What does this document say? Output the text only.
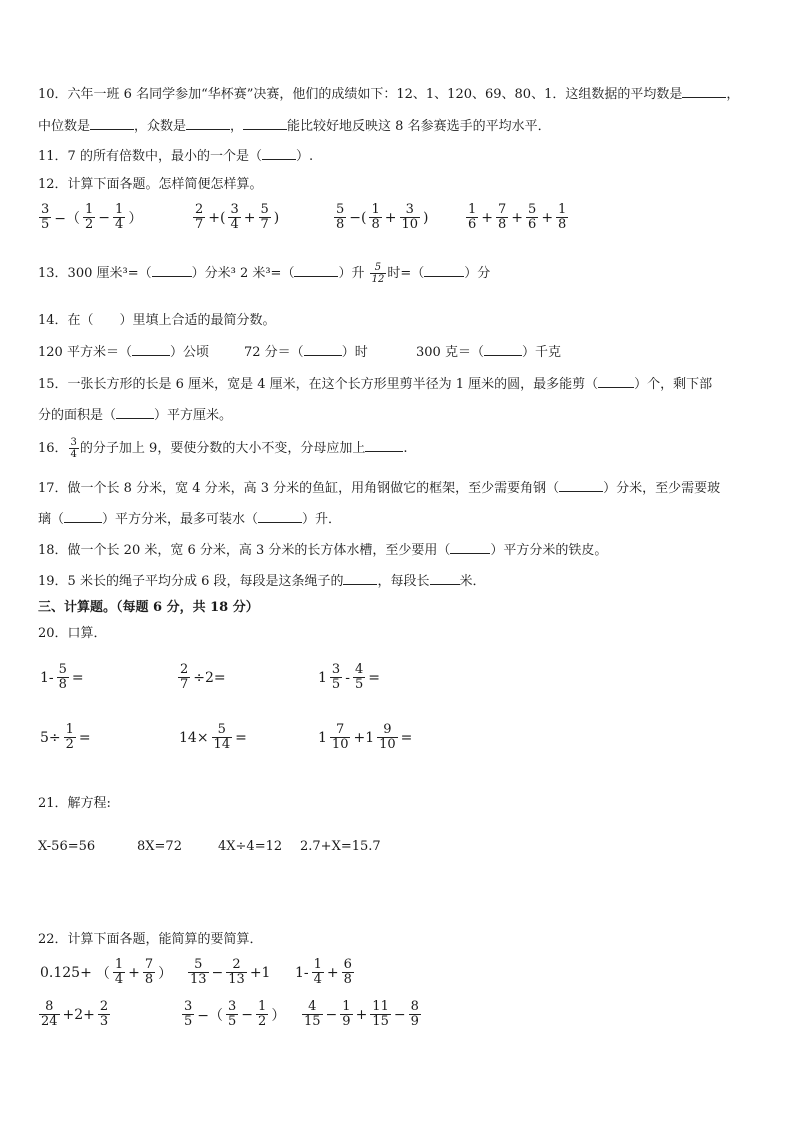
10．六年一班 6 名同学参加“华杯赛”决赛，他们的成绩如下：12、1、120、69、80、1．这组数据的平均数是	，
中位数是	，众数是	，	能比较好地反映这 8 名参赛选手的平均水平．
11．7 的所有倍数中，最小的一个是（	）.
12．计算下面各题。怎样简便怎样算。
$\frac{3}{5}$ −（ $\frac{1}{2} - \frac{1}{4}$ ）	$\frac{2}{7}$ +( $\frac{3}{4} + \frac{5}{7}$ )	$\frac{5}{8}$ −( $\frac{1}{8} + \frac{3}{10}$ )	$\frac{1}{6} + \frac{7}{8} + \frac{5}{6} + \frac{1}{8}$
13．300 厘米³=（	）分米³ 2 米³=（	）升 $\frac{5}{12}$ 时=（	）分
14．在（　　）里填上合适的最简分数。
120 平方米＝（	）公顷	72 分＝（	）时	300 克＝（	）千克
15．一张长方形的长是 6 厘米，宽是 4 厘米，在这个长方形里剪半径为 1 厘米的圆，最多能剪（	）个，剩下部
分的面积是（	）平方厘米。
16． $\frac{3}{4}$ 的分子加上 9，要使分数的大小不变，分母应加上	.
17．做一个长 8 分米，宽 4 分米，高 3 分米的鱼缸，用角钢做它的框架，至少需要角钢（	）分米，至少需要玻
璃（	）平方分米，最多可装水（	）升．
18．做一个长 20 米，宽 6 分米，高 3 分米的长方体水槽，至少要用（	）平方分米的铁皮。
19．5 米长的绳子平均分成 6 段，每段是这条绳子的	，每段长 米．
三、计算题。（每题 6 分，共 18 分）
20．口算．
$1- \frac{5}{8}$ =	$\frac{2}{7} \div 2=$	$1 \frac{3}{5} - \frac{4}{5}$ =
$5\div \frac{1}{2}$ =	$14\times \frac{5}{14}$ =	$1 \frac{7}{10} +1 \frac{9}{10}$ =
21．解方程:
X-56=56	8X=72	4X÷4=12 2.7+X=15.7
22．计算下面各题，能简算的要简算．
0.125+ （ $\frac{1}{4} + \frac{7}{8}$ ） $\frac{5}{13} - \frac{2}{13} +1$ $1- \frac{1}{4} + \frac{6}{8}$
$\frac{8}{24} +2+ \frac{2}{3}$	$\frac{3}{5}$ −（ $\frac{3}{5} - \frac{1}{2}$ ） $\frac{4}{15} - \frac{1}{9} + \frac{11}{15} - \frac{8}{9}$
